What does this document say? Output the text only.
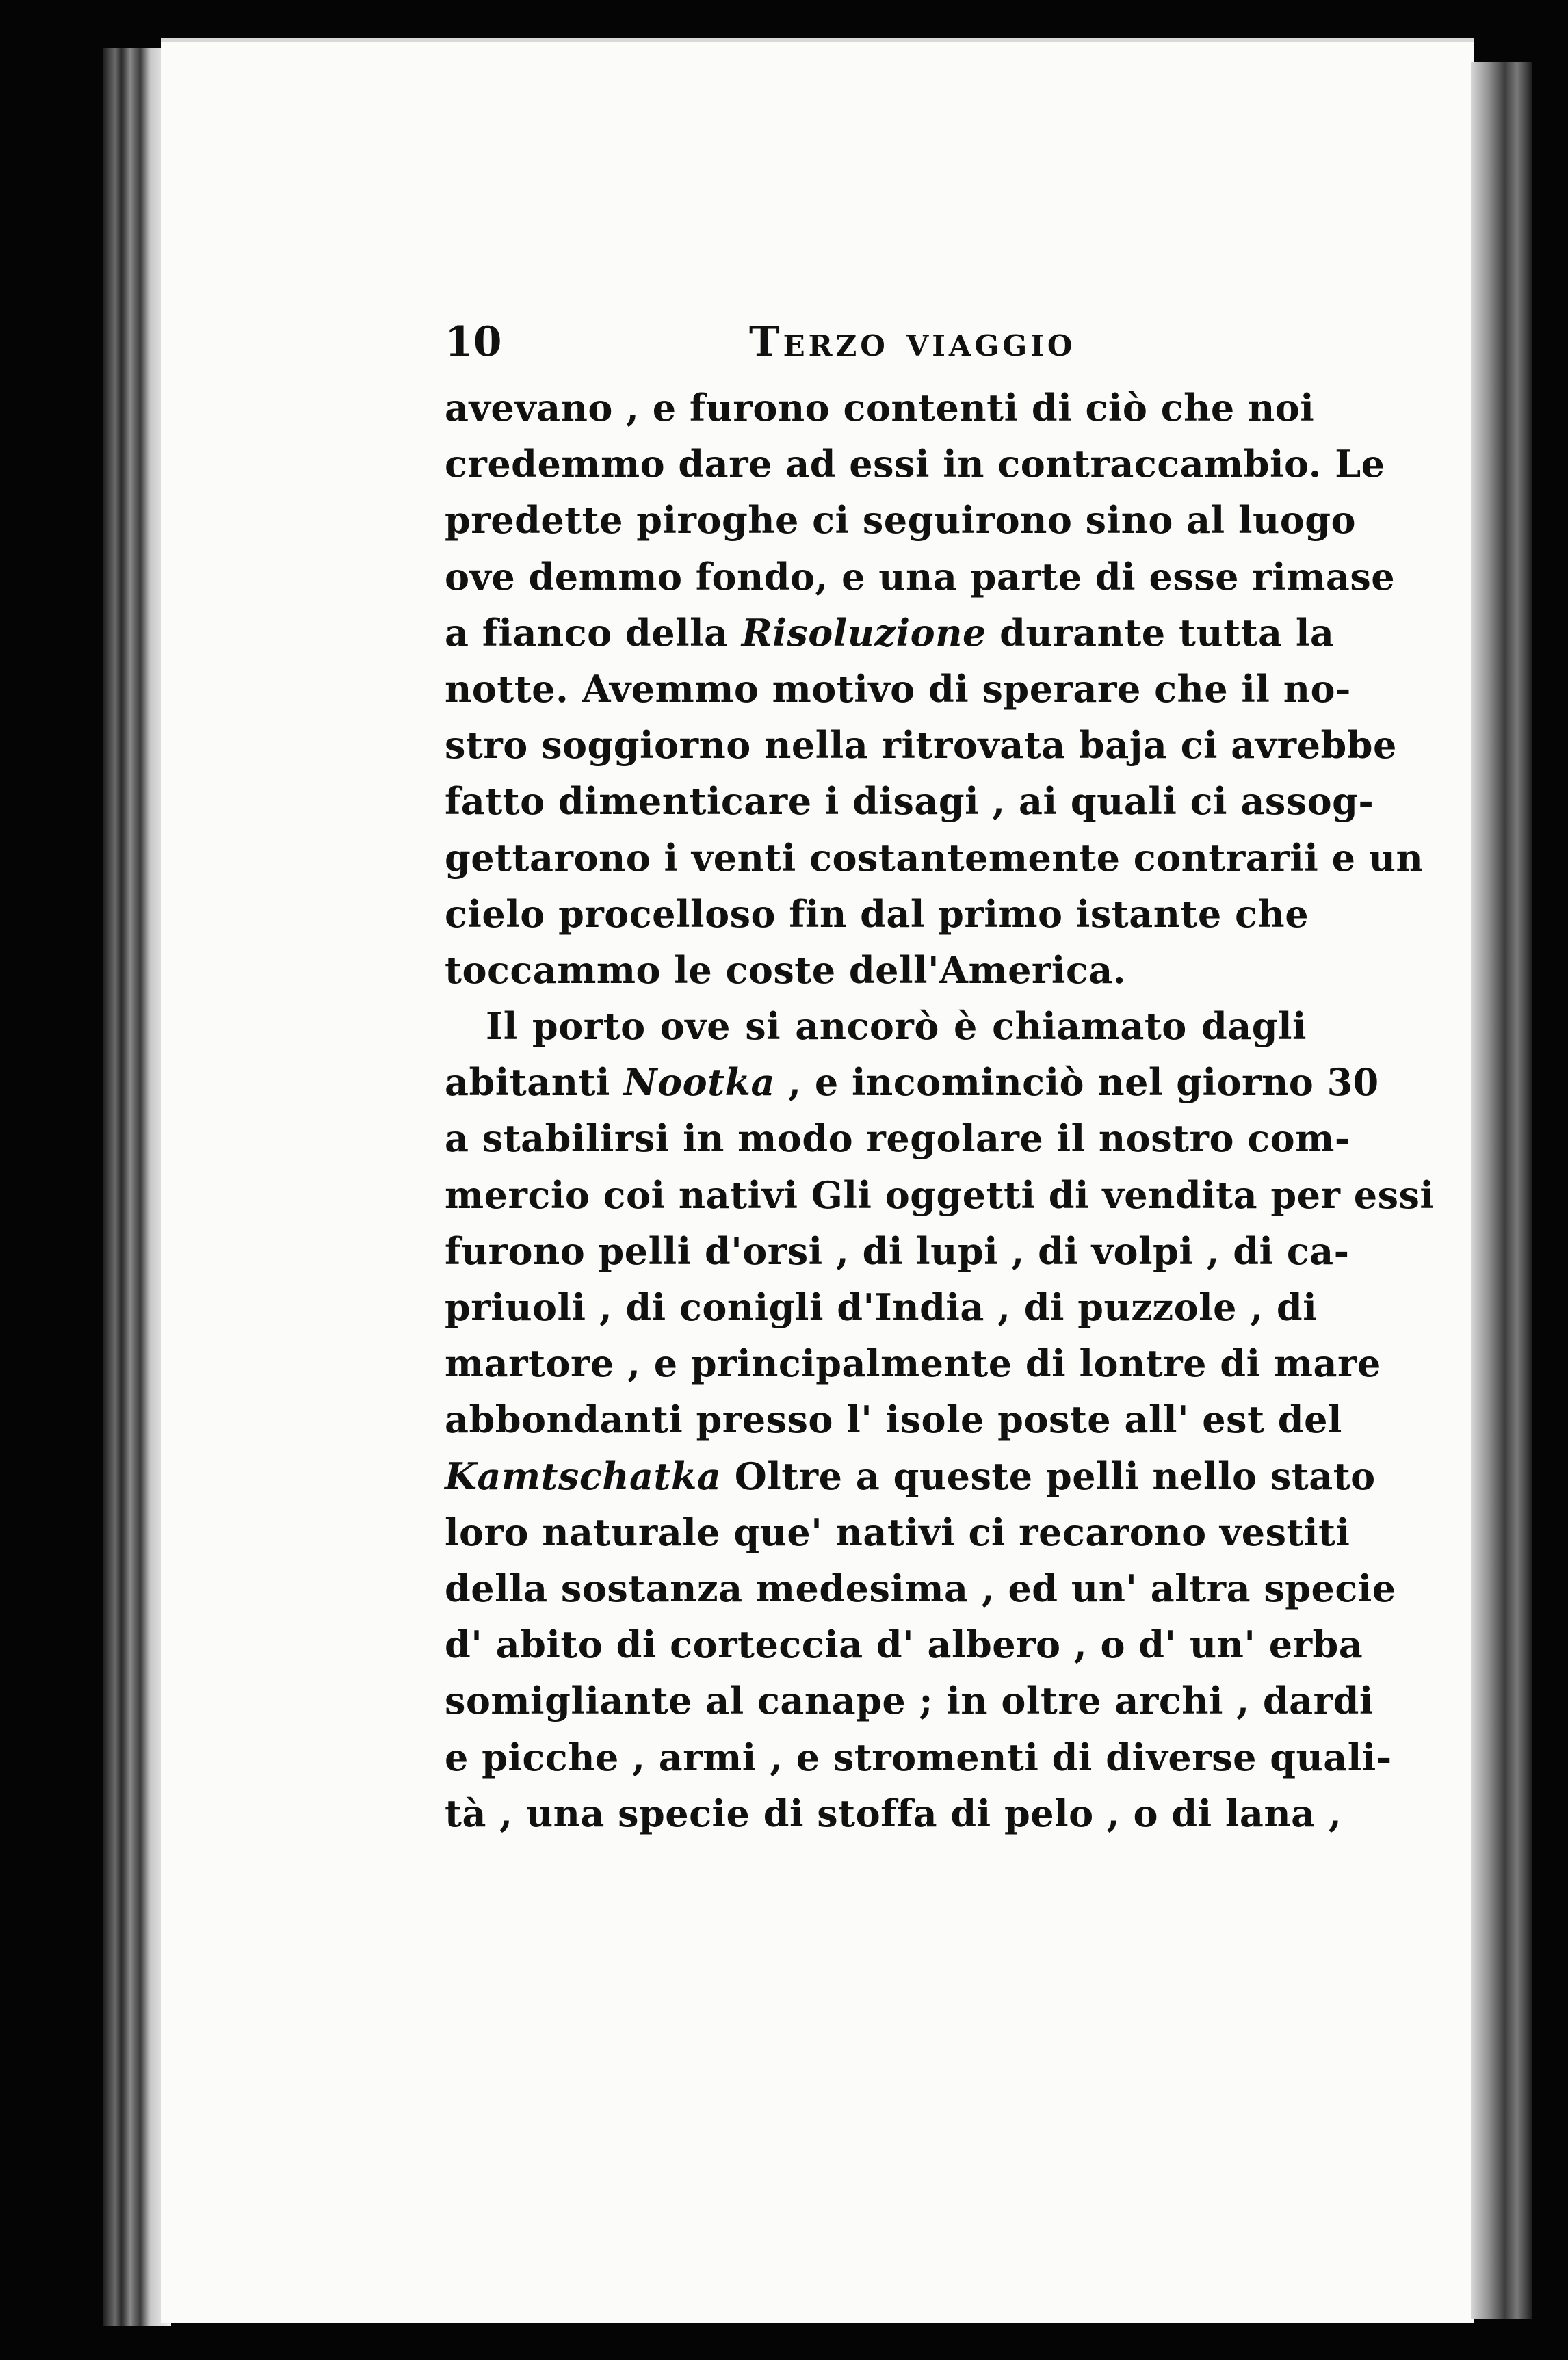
Terzo viaggio
10
avevano , e furono contenti di ciò che noi
credemmo dare ad essi in contraccambio. Le
predette piroghe ci seguirono sino al luogo
ove demmo fondo, e una parte di esse rimase
a fianco della Risoluzione durante tutta la
notte. Avemmo motivo di sperare che il no-
stro soggiorno nella ritrovata baja ci avrebbe
fatto dimenticare i disagi , ai quali ci assog-
gettarono i venti costantemente contrarii e un
cielo procelloso fin dal primo istante che
toccammo le coste dell'America.
Il porto ove si ancorò è chiamato dagli
abitanti Nootka , e incominciò nel giorno 30
a stabilirsi in modo regolare il nostro com-
mercio coi nativi Gli oggetti di vendita per essi
furono pelli d'orsi , di lupi , di volpi , di ca-
priuoli , di conigli d'India , di puzzole , di
martore , e principalmente di lontre di mare
abbondanti presso l' isole poste all' est del
Kamtschatka Oltre a queste pelli nello stato
loro naturale que' nativi ci recarono vestiti
della sostanza medesima , ed un' altra specie
d' abito di corteccia d' albero , o d' un' erba
somigliante al canape ; in oltre archi , dardi
e picche , armi , e stromenti di diverse quali-
tà , una specie di stoffa di pelo , o di lana ,
